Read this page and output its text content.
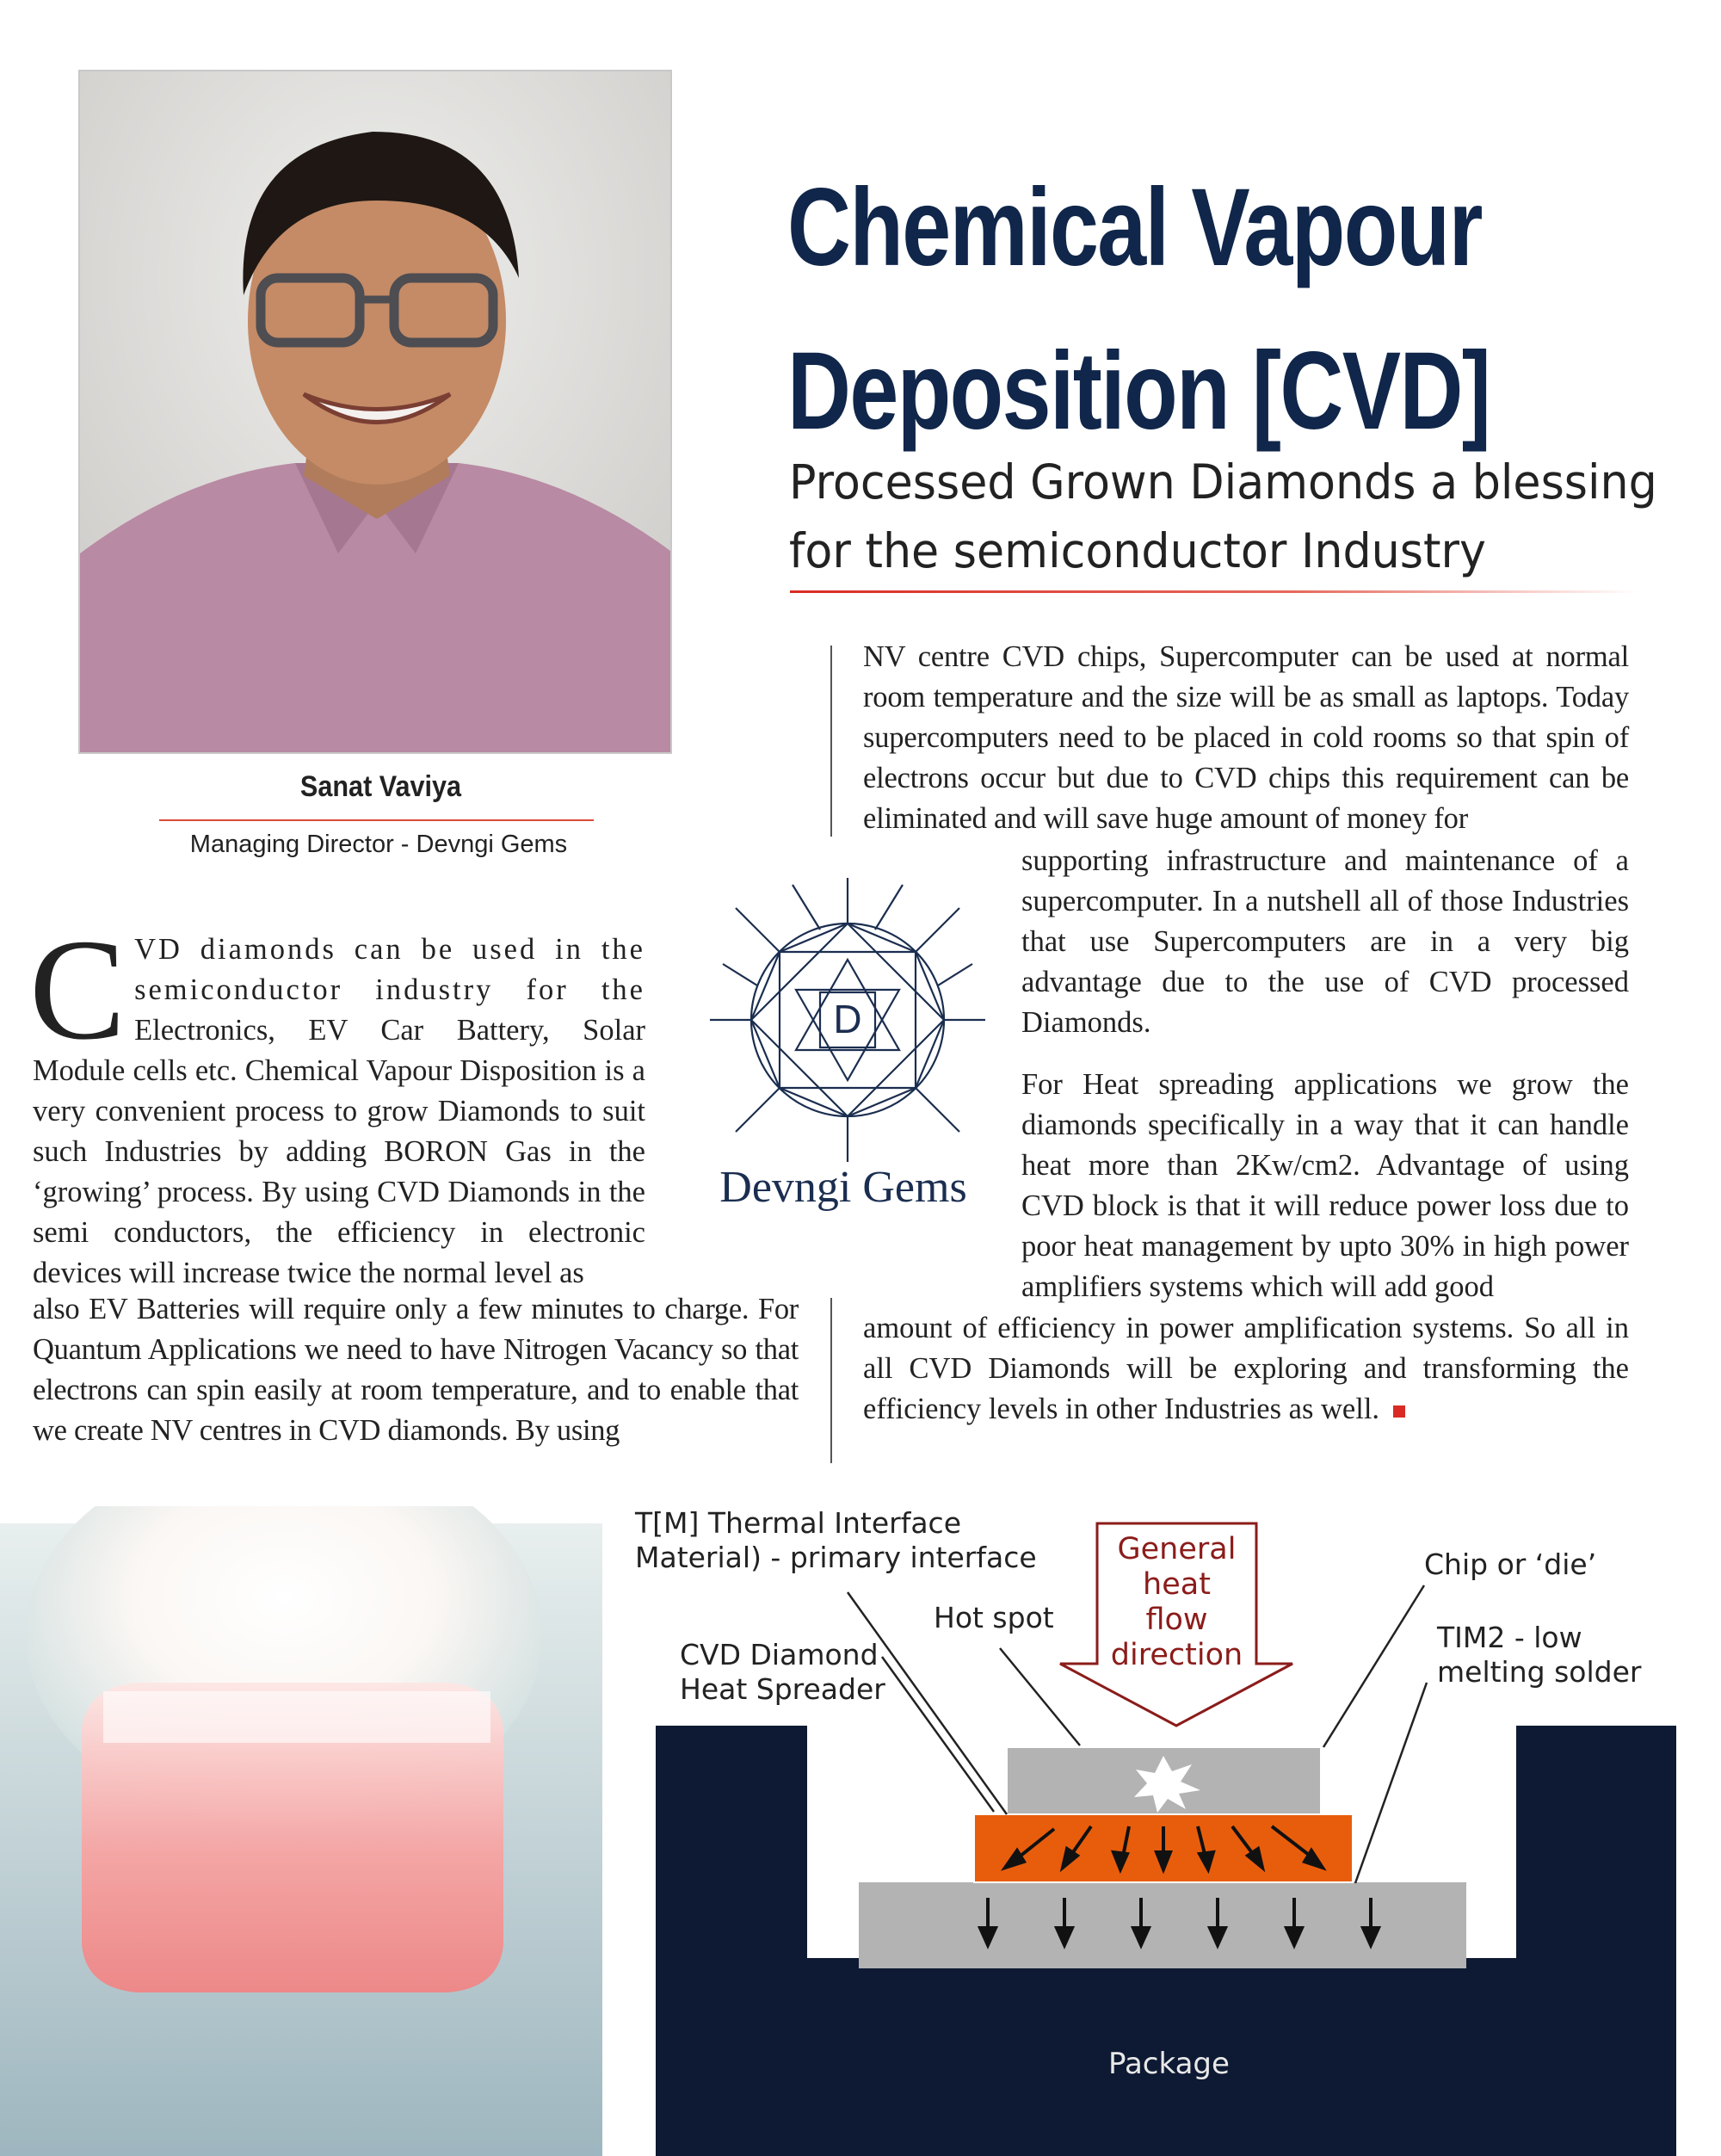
Sanat Vaviya
Managing Director - Devngi Gems
Chemical Vapour
Deposition [CVD]
Processed Grown Diamonds a blessing
for the semiconductor Industry
C VD diamonds can be used in the

semiconductor industry for the

Electronics, EV Car Battery, Solar

Module cells etc. Chemical Vapour Disposition is a very convenient process to grow Diamonds to suit such Industries by adding BORON Gas in the ‘growing’ process. By using CVD Diamonds in the semi conductors, the efficiency in electronic devices will increase twice the normal level as

also EV Batteries will require only a few minutes to charge. For Quantum Applications we need to have Nitrogen Vacancy so that electrons can spin easily at room temperature, and to enable that we create NV centres in CVD diamonds. By using

NV centre CVD chips, Supercomputer can be used at normal room temperature and the size will be as small as laptops. Today supercomputers need to be placed in cold rooms so that spin of electrons occur but due to CVD chips this requirement can be eliminated and will save huge amount of money for

supporting infrastructure and maintenance of a supercomputer. In a nutshell all of those Industries that use Supercomputers are in a very big advantage due to the use of CVD processed Diamonds.

For Heat spreading applications we grow the diamonds specifically in a way that it can handle heat more than 2Kw/cm2. Advantage of using CVD block is that it will reduce power loss due to poor heat management by upto 30% in high power amplifiers systems which will add good

amount of efficiency in power amplification systems. So all in all CVD Diamonds will be exploring and transforming the efficiency levels in other Industries as well.

D
Devngi Gems
T[M] Thermal Interface
Material) - primary interface
Hot spot
CVD Diamond
Heat Spreader
General
heat
flow
direction
Chip or ‘die’
TIM2 - low
melting solder
Package
